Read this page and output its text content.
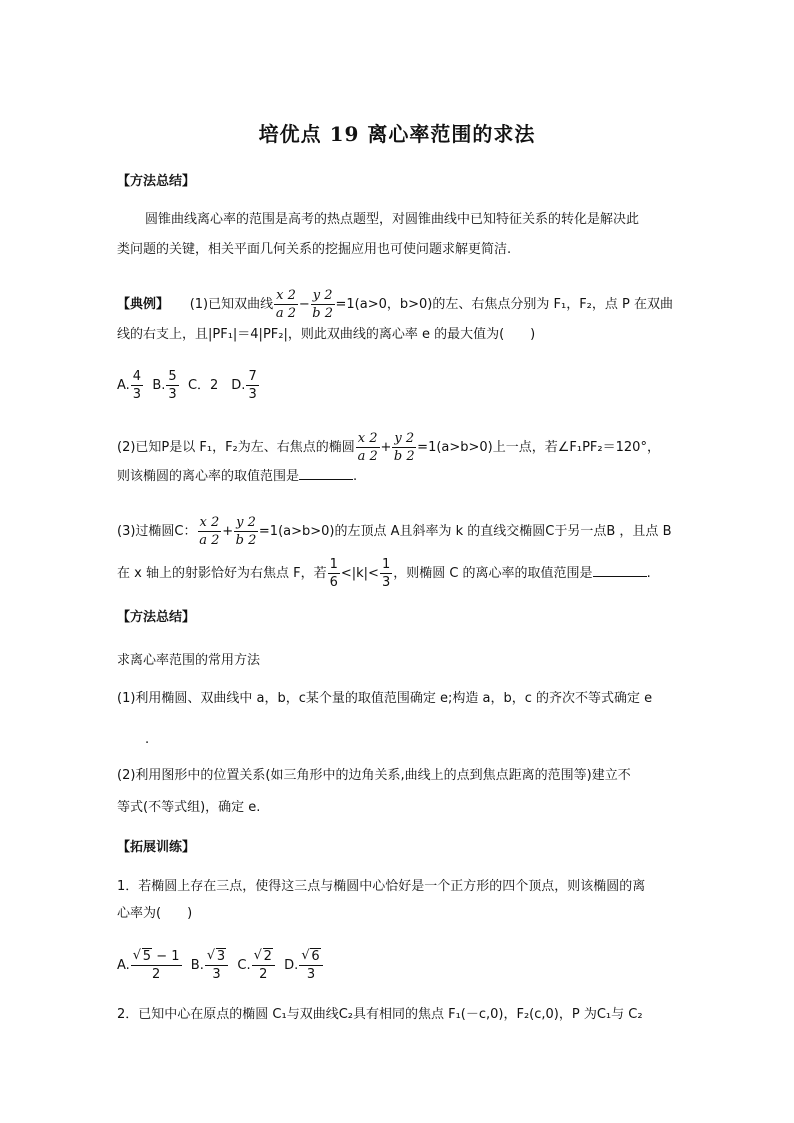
培优点 19 离心率范围的求法
【方法总结】
圆锥曲线离心率的范围是高考的热点题型，对圆锥曲线中已知特征关系的转化是解决此
类问题的关键，相关平面几何关系的挖掘应用也可使问题求解更简洁.
【典例】 (1)已知双曲线 $\frac{x 2}{a 2} - \frac{y 2}{b 2} =1(a>0$，b>0)的左、右焦点分别为 F₁，F₂，点 P 在双曲
线的右支上，且|PF₁|＝4|PF₂|，则此双曲线的离心率 e 的最大值为(　　)
A. $\frac{4}{3} B$. $\frac{5}{3}$ C．2　D. $\frac{7}{3}$
(2)已知P是以 F₁，F₂为左、右焦点的椭圆 $\frac{x 2}{a 2} + \frac{y 2}{b 2} =1(a>b>0)$上一点，若∠F₁PF₂＝120°，
则该椭圆的离心率的取值范围是	.
(3)过椭圆C： $\frac{x 2}{a 2} + \frac{y 2}{b 2} =1(a>b>0)$的左顶点 A且斜率为 k 的直线交椭圆C于另一点B ，且点 B
在 x 轴上的射影恰好为右焦点 F，若 $\frac{1}{6} <|k|< \frac{1}{3}$ ，则椭圆 C 的离心率的取值范围是	.
【方法总结】
求离心率范围的常用方法
(1)利用椭圆、双曲线中 a，b，c某个量的取值范围确定 e;构造 a，b，c 的齐次不等式确定 e
.
(2)利用图形中的位置关系(如三角形中的边角关系,曲线上的点到焦点距离的范围等)建立不
等式(不等式组)，确定 e.
【拓展训练】
1．若椭圆上存在三点，使得这三点与椭圆中心恰好是一个正方形的四个顶点，则该椭圆的离
心率为(　　)
A. √ $\frac{5 - 1}{2} B$. √ $\frac{3}{3} C$. √ $\frac{2}{2} D$. √ $\frac{6}{3}$
2．已知中心在原点的椭圆 C₁与双曲线C₂具有相同的焦点 F₁(－c,0)，F₂(c,0)，P 为C₁与 C₂
